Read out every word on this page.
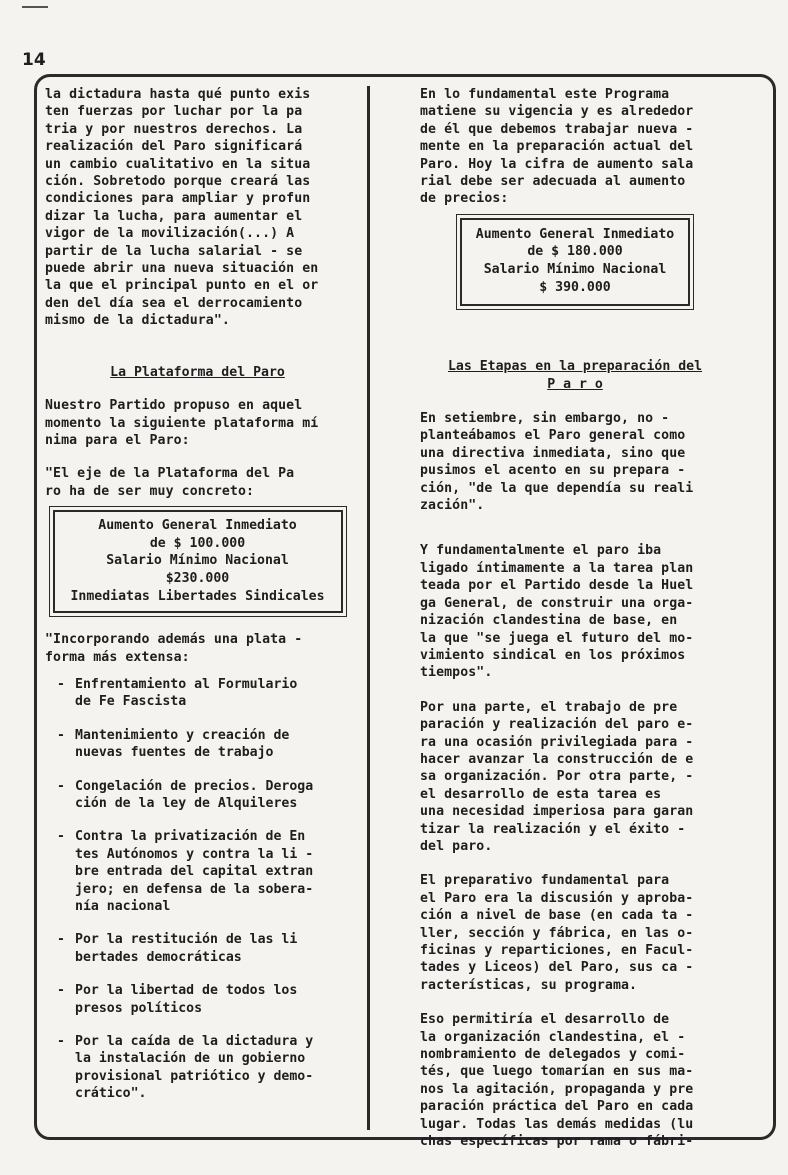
14
la dictadura hasta qué punto exis
ten fuerzas por luchar por la pa
tria y por nuestros derechos. La
realización del Paro significará
un cambio cualitativo en la situa
ción. Sobretodo porque creará las
condiciones para ampliar y profun
dizar la lucha, para aumentar el
vigor de la movilización(...) A
partir de la lucha salarial - se
puede abrir una nueva situación en
la que el principal punto en el or
den del día sea el derrocamiento
mismo de la dictadura".
La Plataforma del Paro
Nuestro Partido propuso en aquel
momento la siguiente plataforma mí
nima para el Paro:
"El eje de la Plataforma del Pa
ro ha de ser muy concreto:
Aumento General Inmediato
de $ 100.000
Salario Mínimo Nacional
$230.000
Inmediatas Libertades Sindicales
"Incorporando además una plata -
forma más extensa:
- Enfrentamiento al Formulario
de Fe Fascista
- Mantenimiento y creación de
nuevas fuentes de trabajo
- Congelación de precios. Deroga
ción de la ley de Alquileres
- Contra la privatización de En
tes Autónomos y contra la li -
bre entrada del capital extran
jero; en defensa de la sobera-
nía nacional
- Por la restitución de las li
bertades democráticas
- Por la libertad de todos los
presos políticos
- Por la caída de la dictadura y
la instalación de un gobierno
provisional patriótico y demo-
crático".
En lo fundamental este Programa
matiene su vigencia y es alrededor
de él que debemos trabajar nueva -
mente en la preparación actual del
Paro. Hoy la cifra de aumento sala
rial debe ser adecuada al aumento
de precios:
Aumento General Inmediato
de $ 180.000
Salario Mínimo Nacional
$ 390.000
Las Etapas en la preparación del
P a r o
En setiembre, sin embargo, no -
planteábamos el Paro general como
una directiva inmediata, sino que
pusimos el acento en su prepara -
ción, "de la que dependía su reali
zación".
Y fundamentalmente el paro iba
ligado íntimamente a la tarea plan
teada por el Partido desde la Huel
ga General, de construir una orga-
nización clandestina de base, en
la que "se juega el futuro del mo-
vimiento sindical en los próximos
tiempos".
Por una parte, el trabajo de pre
paración y realización del paro e-
ra una ocasión privilegiada para -
hacer avanzar la construcción de e
sa organización. Por otra parte, -
el desarrollo de esta tarea es
una necesidad imperiosa para garan
tizar la realización y el éxito -
del paro.
El preparativo fundamental para
el Paro era la discusión y aproba-
ción a nivel de base (en cada ta -
ller, sección y fábrica, en las o-
ficinas y reparticiones, en Facul-
tades y Liceos) del Paro, sus ca -
racterísticas, su programa.
Eso permitiría el desarrollo de
la organización clandestina, el -
nombramiento de delegados y comi-
tés, que luego tomarían en sus ma-
nos la agitación, propaganda y pre
paración práctica del Paro en cada
lugar. Todas las demás medidas (lu
chas específicas por rama o fábri-
